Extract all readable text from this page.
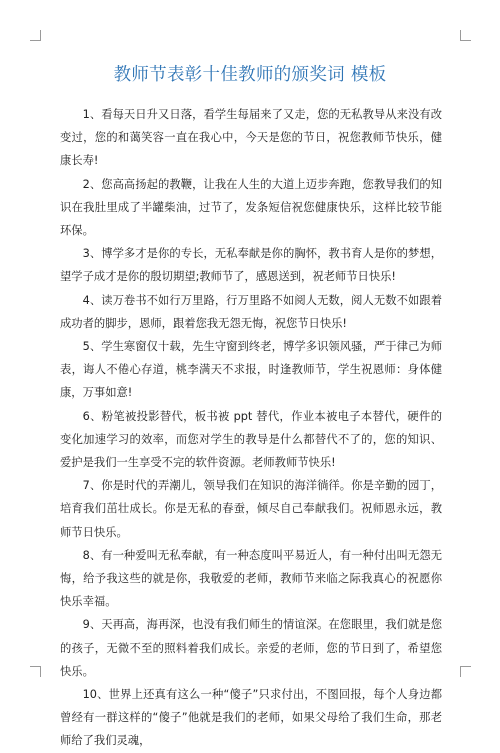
教师节表彰十佳教师的颁奖词 模板

1、看每天日升又日落，看学生每届来了又走，您的无私教导从来没有改变过，您的和蔼笑容一直在我心中，今天是您的节日，祝您教师节快乐，健康长寿!

2、您高高扬起的教鞭，让我在人生的大道上迈步奔跑，您教导我们的知识在我肚里成了半罐柴油，过节了，发条短信祝您健康快乐，这样比较节能环保。

3、博学多才是你的专长，无私奉献是你的胸怀，教书育人是你的梦想，望学子成才是你的殷切期望;教师节了，感恩送到，祝老师节日快乐!

4、读万卷书不如行万里路，行万里路不如阅人无数，阅人无数不如跟着成功者的脚步，恩师，跟着您我无怨无悔，祝您节日快乐!

5、学生寒窗仅十载，先生守窗到终老，博学多识领风骚，严于律己为师表，诲人不倦心存道，桃李满天不求报，时逢教师节，学生祝恩师：身体健康，万事如意!

6、粉笔被投影替代，板书被 ppt 替代，作业本被电子本替代，硬件的变化加速学习的效率，而您对学生的教导是什么都替代不了的，您的知识、爱护是我们一生享受不完的软件资源。老师教师节快乐!

7、你是时代的弄潮儿，领导我们在知识的海洋徜徉。你是辛勤的园丁，培育我们茁壮成长。你是无私的春蚕，倾尽自己奉献我们。祝师恩永远，教师节日快乐。

8、有一种爱叫无私奉献，有一种态度叫平易近人，有一种付出叫无怨无悔，给予我这些的就是你，我敬爱的老师，教师节来临之际我真心的祝愿你快乐幸福。

9、天再高，海再深，也没有我们师生的情谊深。在您眼里，我们就是您的孩子，无微不至的照料着我们成长。亲爱的老师，您的节日到了，希望您快乐。

10、世界上还真有这么一种“傻子”只求付出，不图回报，每个人身边都曾经有一群这样的“傻子”他就是我们的老师，如果父母给了我们生命，那老师给了我们灵魂，
